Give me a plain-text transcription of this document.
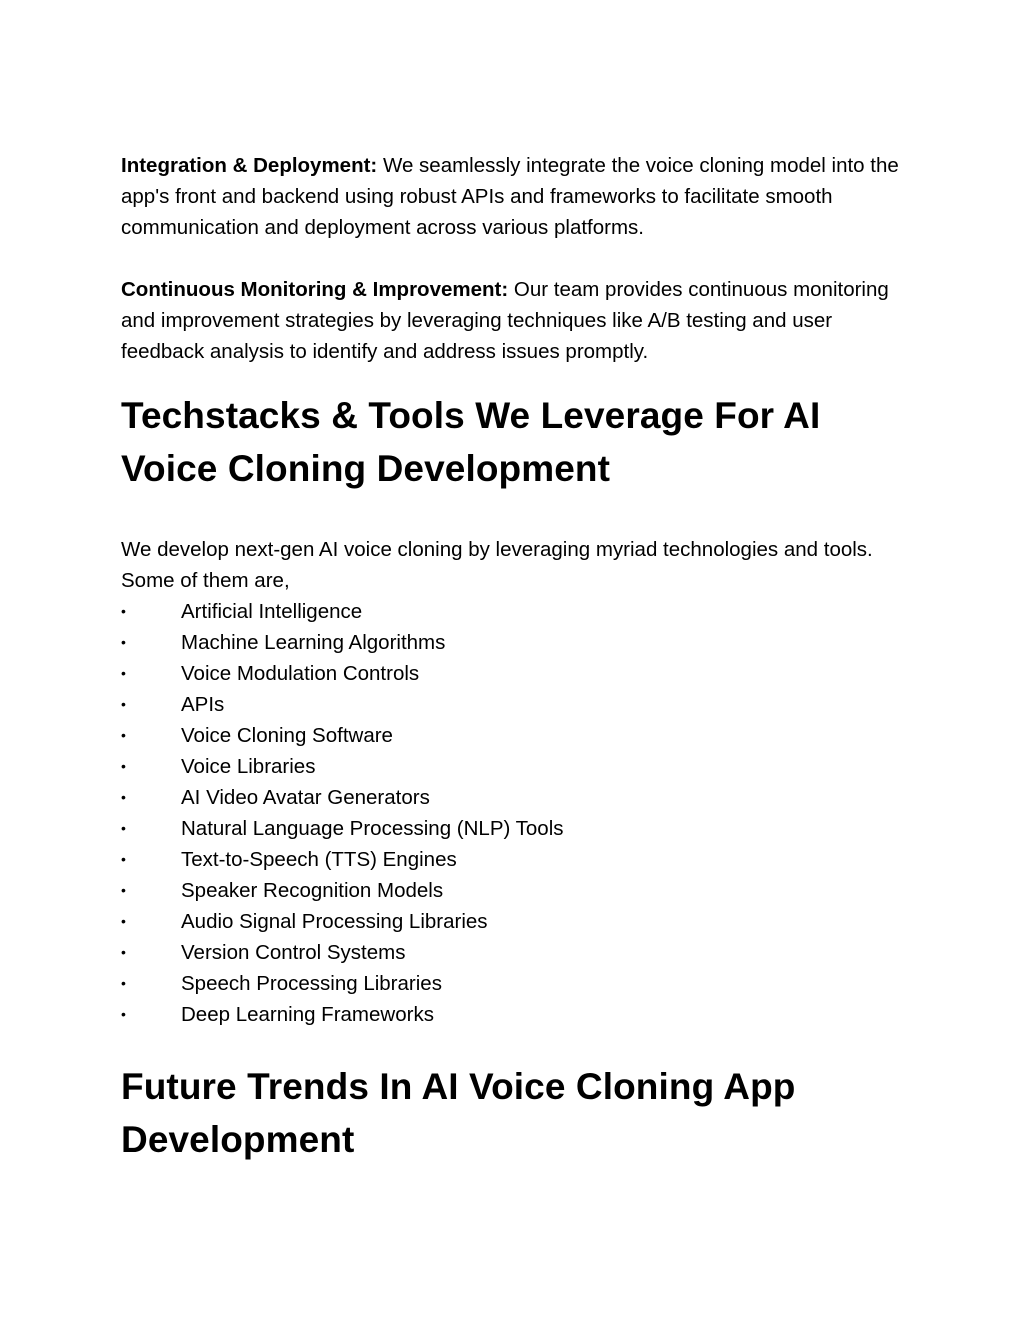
Integration & Deployment: We seamlessly integrate the voice cloning model into the app's front and backend using robust APIs and frameworks to facilitate smooth communication and deployment across various platforms.

Continuous Monitoring & Improvement: Our team provides continuous monitoring and improvement strategies by leveraging techniques like A/B testing and user feedback analysis to identify and address issues promptly.

Techstacks & Tools We Leverage For AI Voice Cloning Development

We develop next-gen AI voice cloning by leveraging myriad technologies and tools. Some of them are,

•	Artificial Intelligence
•	Machine Learning Algorithms
•	Voice Modulation Controls
•	APIs
•	Voice Cloning Software
•	Voice Libraries
•	AI Video Avatar Generators
•	Natural Language Processing (NLP) Tools
•	Text-to-Speech (TTS) Engines
•	Speaker Recognition Models
•	Audio Signal Processing Libraries
•	Version Control Systems
•	Speech Processing Libraries
•	Deep Learning Frameworks
Future Trends In AI Voice Cloning App Development
